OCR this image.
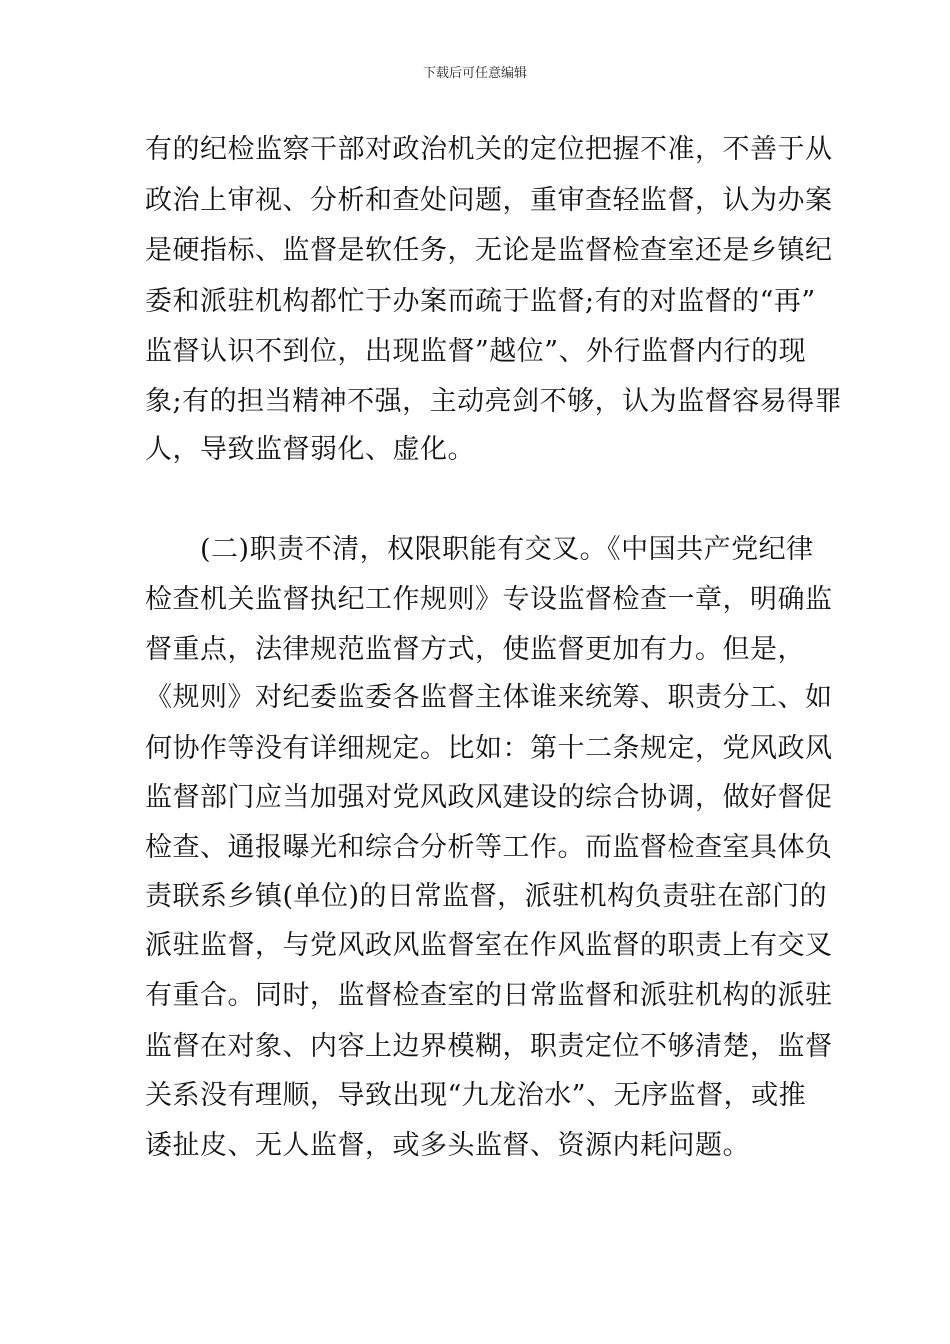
下载后可任意编辑
有的纪检监察干部对政治机关的定位把握不准，不善于从
政治上审视、分析和查处问题，重审查轻监督，认为办案
是硬指标、监督是软任务，无论是监督检查室还是乡镇纪
委和派驻机构都忙于办案而疏于监督;有的对监督的“再”
监督认识不到位，出现监督”越位”、外行监督内行的现
象;有的担当精神不强，主动亮剑不够，认为监督容易得罪
人，导致监督弱化、虚化。
　　(二)职责不清，权限职能有交叉。《中国共产党纪律
检查机关监督执纪工作规则》专设监督检查一章，明确监
督重点，法律规范监督方式，使监督更加有力。但是，
《规则》对纪委监委各监督主体谁来统筹、职责分工、如
何协作等没有详细规定。比如：第十二条规定，党风政风
监督部门应当加强对党风政风建设的综合协调，做好督促
检查、通报曝光和综合分析等工作。而监督检查室具体负
责联系乡镇(单位)的日常监督，派驻机构负责驻在部门的
派驻监督，与党风政风监督室在作风监督的职责上有交叉
有重合。同时，监督检查室的日常监督和派驻机构的派驻
监督在对象、内容上边界模糊，职责定位不够清楚，监督
关系没有理顺，导致出现“九龙治水”、无序监督，或推
诿扯皮、无人监督，或多头监督、资源内耗问题。
